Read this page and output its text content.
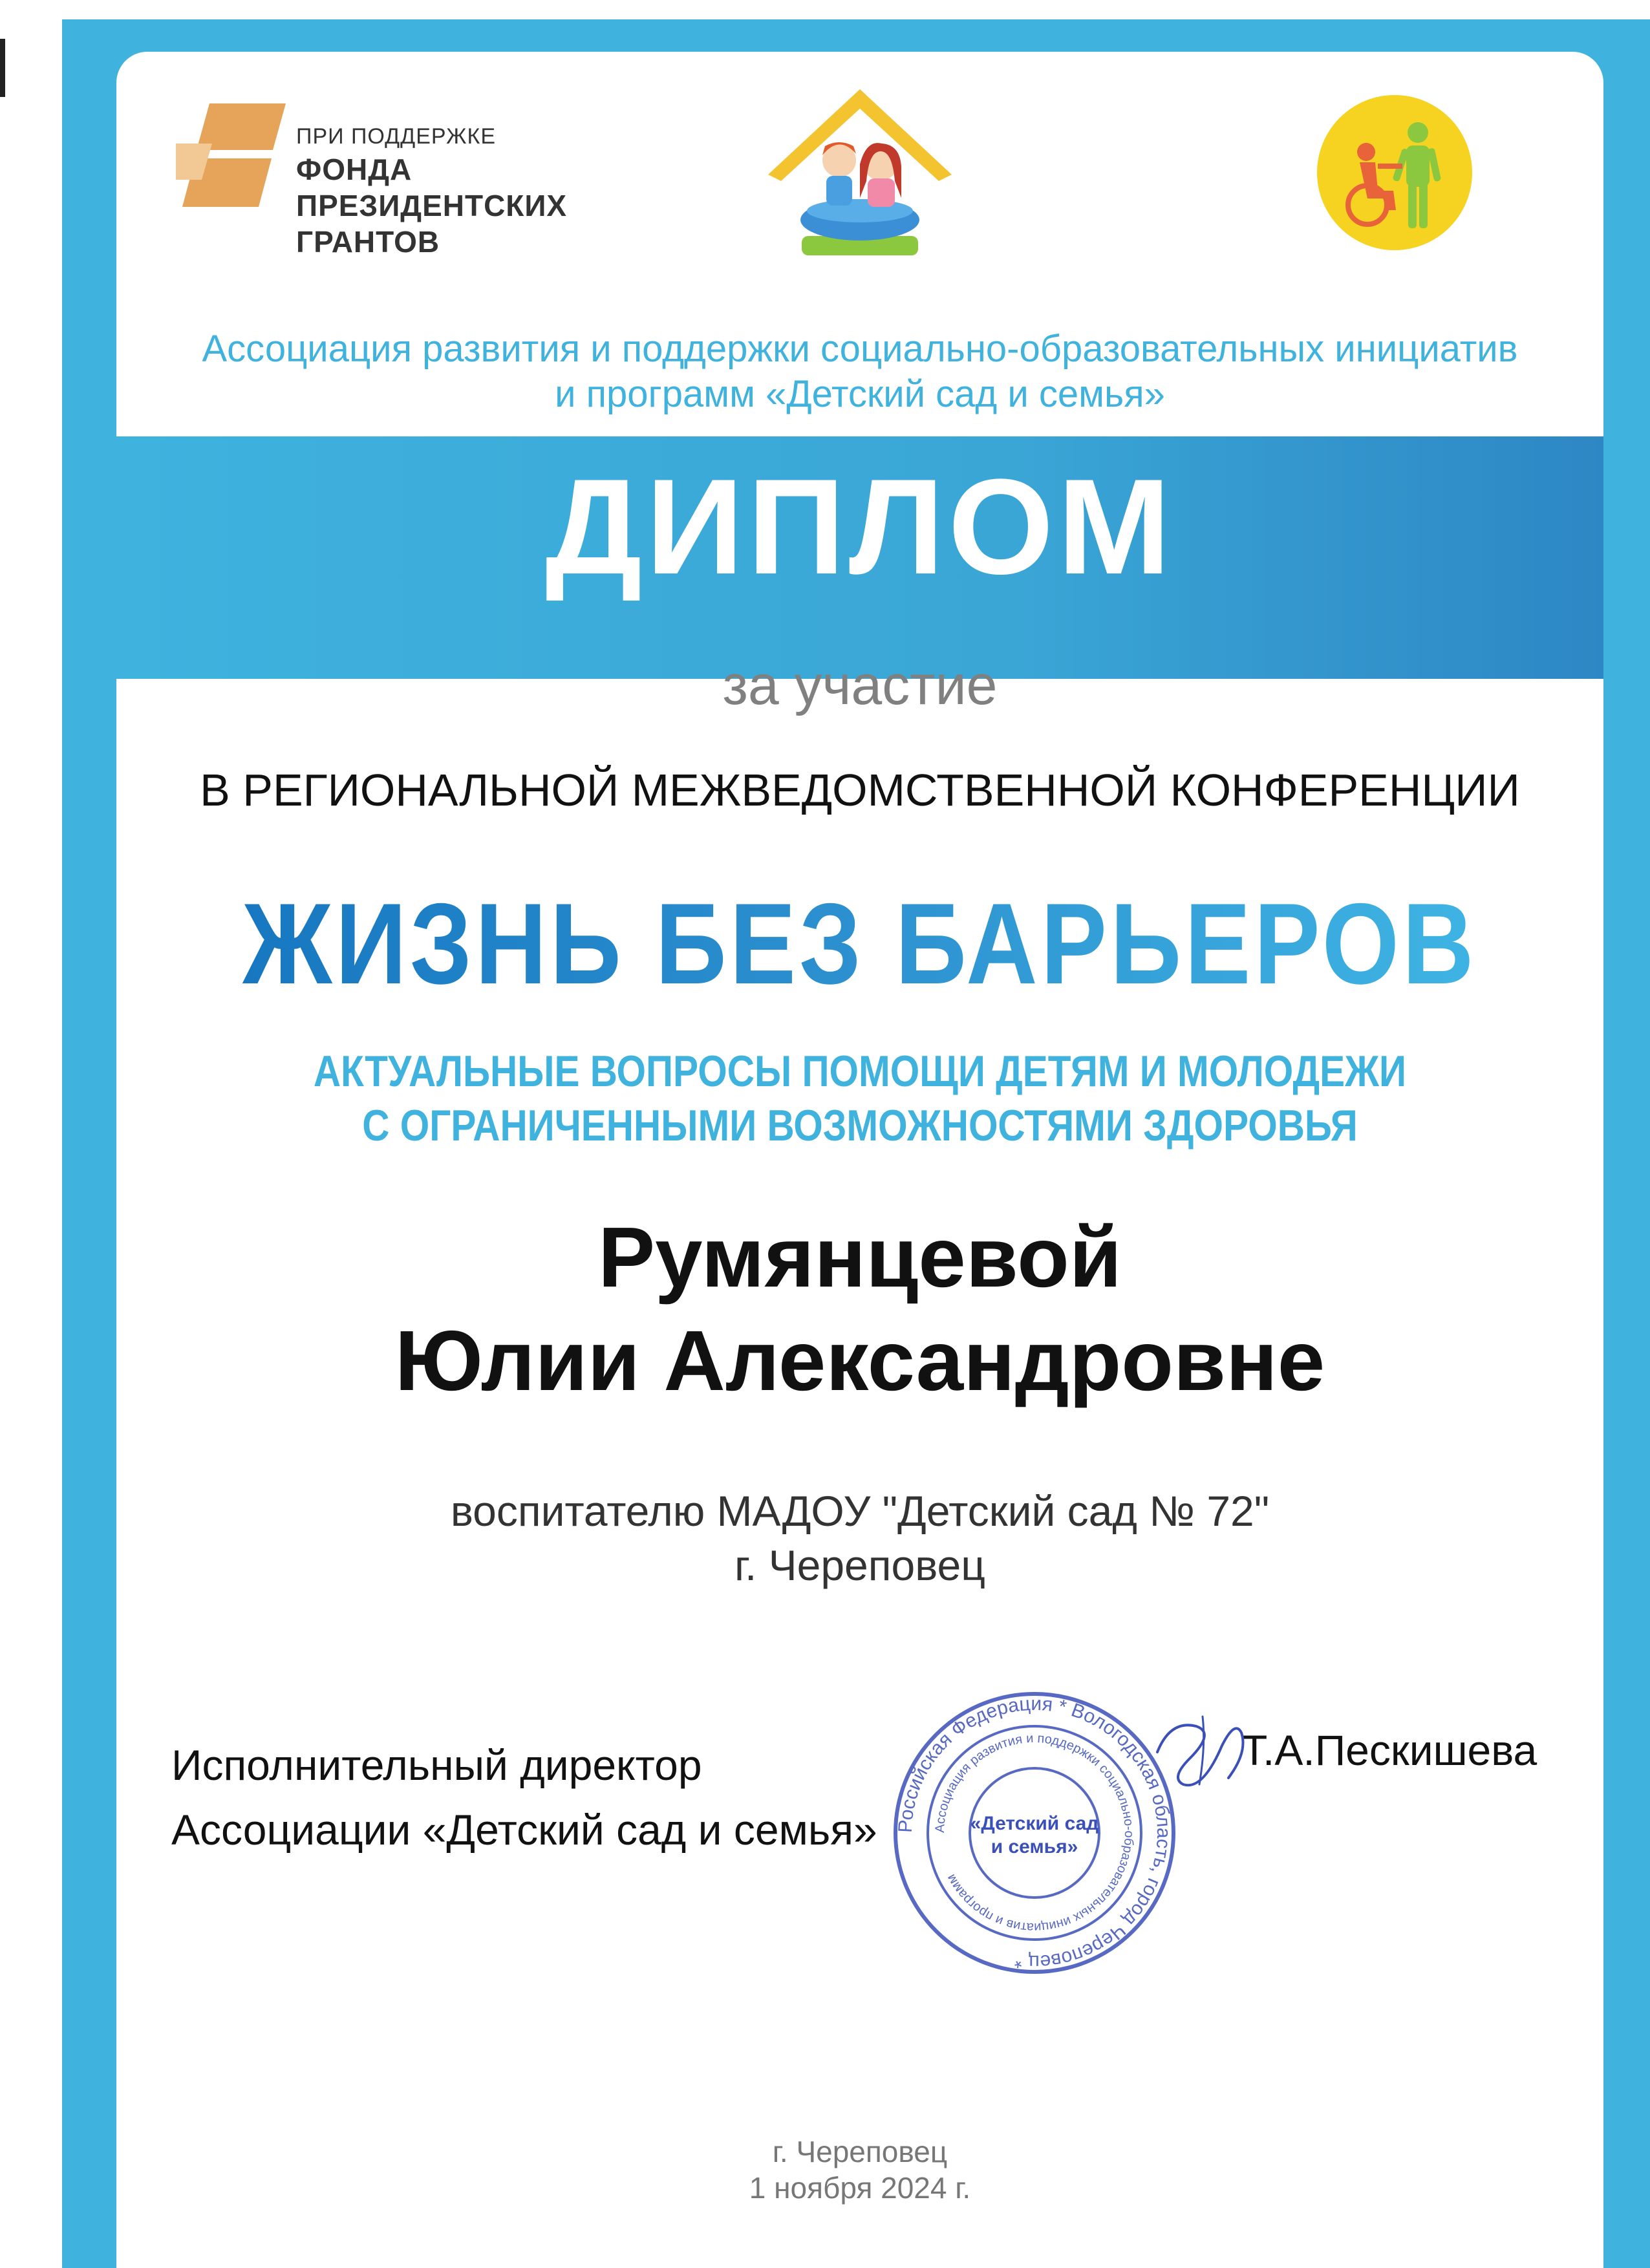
ПРИ ПОДДЕРЖКЕ
ФОНДА
ПРЕЗИДЕНТСКИХ
ГРАНТОВ
Ассоциация развития и поддержки социально-образовательных инициатив
и программ «Детский сад и семья»
ДИПЛОМ
за участие
В РЕГИОНАЛЬНОЙ МЕЖВЕДОМСТВЕННОЙ КОНФЕРЕНЦИИ
ЖИЗНЬ БЕЗ БАРЬЕРОВ
АКТУАЛЬНЫЕ ВОПРОСЫ ПОМОЩИ ДЕТЯМ И МОЛОДЕЖИ
С ОГРАНИЧЕННЫМИ ВОЗМОЖНОСТЯМИ ЗДОРОВЬЯ
Румянцевой
Юлии Александровне
воспитателю МАДОУ "Детский сад № 72"
г. Череповец
Исполнительный директор
Ассоциации «Детский сад и семья»
Т.А.Пескишева
Российская Федерация * Вологодская область, город Череповец *
Ассоциация развития и поддержки социально-образовательных инициатив и программ
«Детский сад
и семья»
г. Череповец
1 ноября 2024 г.
